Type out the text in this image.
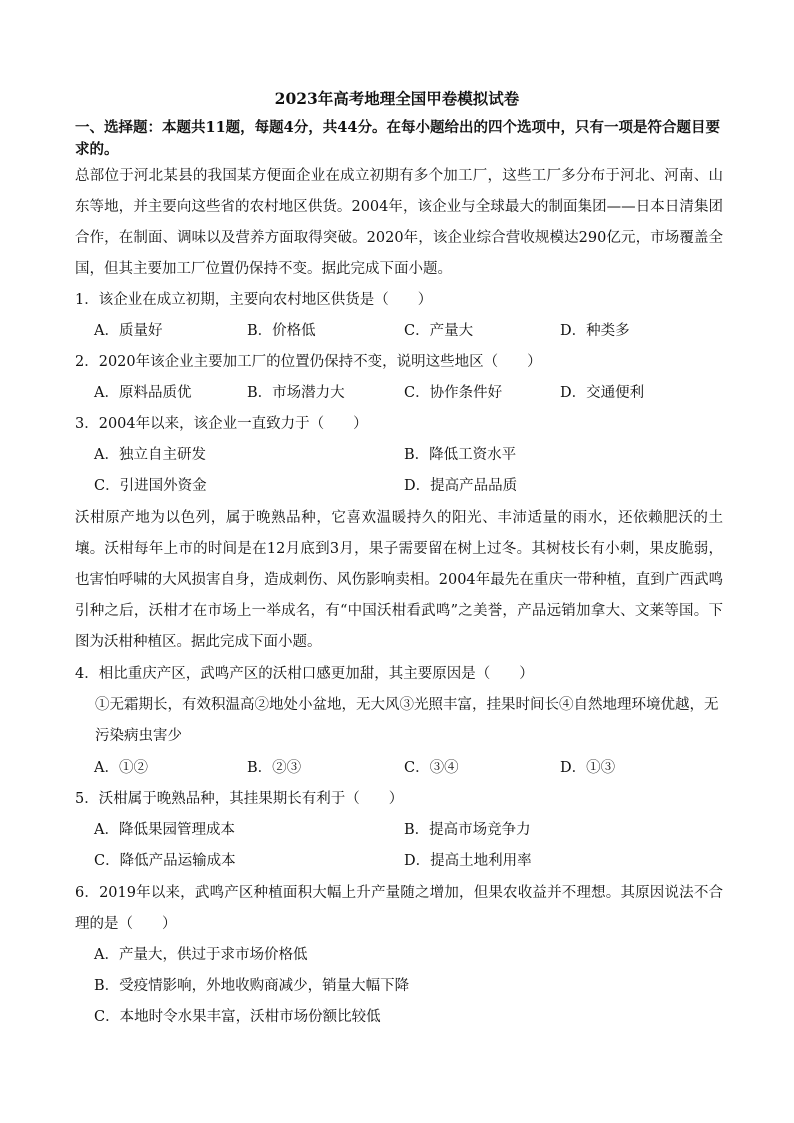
2023年高考地理全国甲卷模拟试卷
一、选择题：本题共11题，每题4分，共44分。在每小题给出的四个选项中，只有一项是符合题目要求的。
总部位于河北某县的我国某方便面企业在成立初期有多个加工厂，这些工厂多分布于河北、河南、山东等地，并主要向这些省的农村地区供货。2004年，该企业与全球最大的制面集团——日本日清集团合作，在制面、调味以及营养方面取得突破。2020年，该企业综合营收规模达290亿元，市场覆盖全国，但其主要加工厂位置仍保持不变。据此完成下面小题。
1．该企业在成立初期，主要向农村地区供货是（　　）
A．质量好	B．价格低	C．产量大	D．种类多
2．2020年该企业主要加工厂的位置仍保持不变，说明这些地区（　　）
A．原料品质优	B．市场潜力大	C．协作条件好	D．交通便利
3．2004年以来，该企业一直致力于（　　）
A．独立自主研发	B．降低工资水平
C．引进国外资金	D．提高产品品质
沃柑原产地为以色列，属于晚熟品种，它喜欢温暖持久的阳光、丰沛适量的雨水，还依赖肥沃的土壤。沃柑每年上市的时间是在12月底到3月，果子需要留在树上过冬。其树枝长有小刺，果皮脆弱，也害怕呼啸的大风损害自身，造成刺伤、风伤影响卖相。2004年最先在重庆一带种植，直到广西武鸣引种之后，沃柑才在市场上一举成名，有“中国沃柑看武鸣”之美誉，产品远销加拿大、文莱等国。下图为沃柑种植区。据此完成下面小题。
4．相比重庆产区，武鸣产区的沃柑口感更加甜，其主要原因是（　　）
①无霜期长，有效积温高②地处小盆地，无大风③光照丰富，挂果时间长④自然地理环境优越，无污染病虫害少
A．①②	B．②③	C．③④	D．①③
5．沃柑属于晚熟品种，其挂果期长有利于（　　）
A．降低果园管理成本	B．提高市场竞争力
C．降低产品运输成本	D．提高土地利用率
6．2019年以来，武鸣产区种植面积大幅上升产量随之增加，但果农收益并不理想。其原因说法不合理的是（　　）
A．产量大，供过于求市场价格低
B．受疫情影响，外地收购商减少，销量大幅下降
C．本地时令水果丰富，沃柑市场份额比较低
